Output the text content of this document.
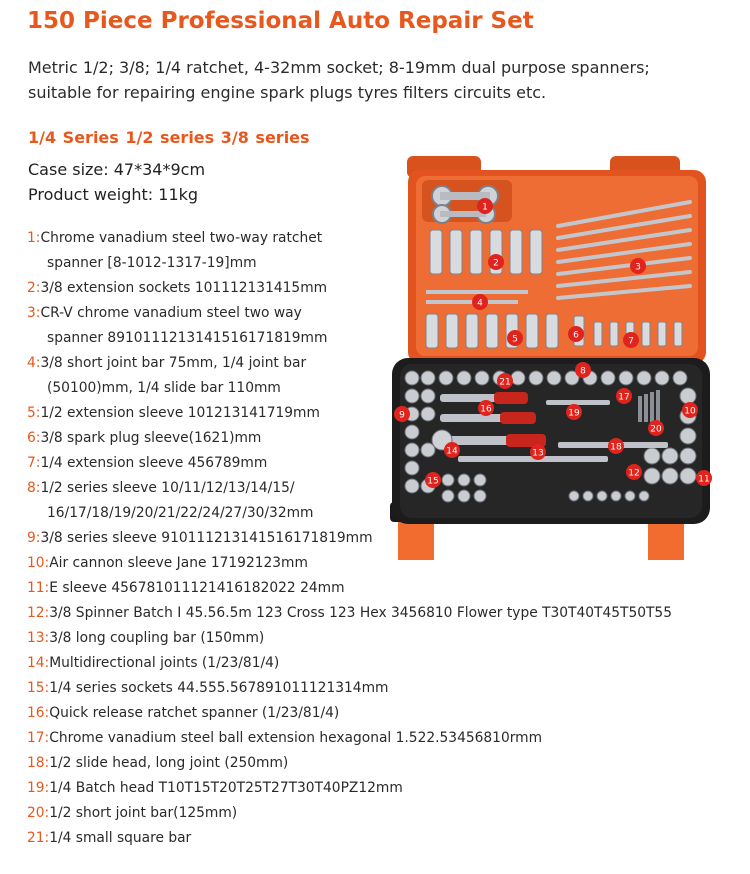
150 Piece Professional Auto Repair Set
Metric 1/2; 3/8; 1/4 ratchet, 4-32mm socket; 8-19mm dual purpose spanners;
suitable for repairing engine spark plugs tyres filters circuits etc.
1/4 Series 1/2 series 3/8 series
Case size: 47*34*9cm
Product weight: 11kg
1:Chrome vanadium steel two-way ratchet
spanner [8-1012-1317-19]mm
2:3/8 extension sockets 101112131415mm
3:CR-V chrome vanadium steel two way
spanner 8910111213141516171819mm
4:3/8 short joint bar 75mm, 1/4 joint bar
(50100)mm, 1/4 slide bar 110mm
5:1/2 extension sleeve 101213141719mm
6:3/8 spark plug sleeve(1621)mm
7:1/4 extension sleeve 456789mm
8:1/2 series sleeve 10/11/12/13/14/15/
16/17/18/19/20/21/22/24/27/30/32mm
9:3/8 series sleeve 910111213141516171819mm
10:Air cannon sleeve Jane 17192123mm
11:E sleeve 456781011121416182022 24mm
12:3/8 Spinner Batch I 45.56.5m 123 Cross 123 Hex 3456810 Flower type T30T40T45T50T55
13:3/8 long coupling bar (150mm)
14:Multidirectional joints (1/23/81/4)
15:1/4 series sockets 44.555.567891011121314mm
16:Quick release ratchet spanner (1/23/81/4)
17:Chrome vanadium steel ball extension hexagonal 1.522.53456810rmm
18:1/2 slide head, long joint (250mm)
19:1/4 Batch head T10T15T20T25T27T30T40PZ12mm
20:1/2 short joint bar(125mm)
21:1/4 small square bar
1
2	3
4
5	6
7
8
21
16	19
17
9	10
14	13
18
20
15
12
11
